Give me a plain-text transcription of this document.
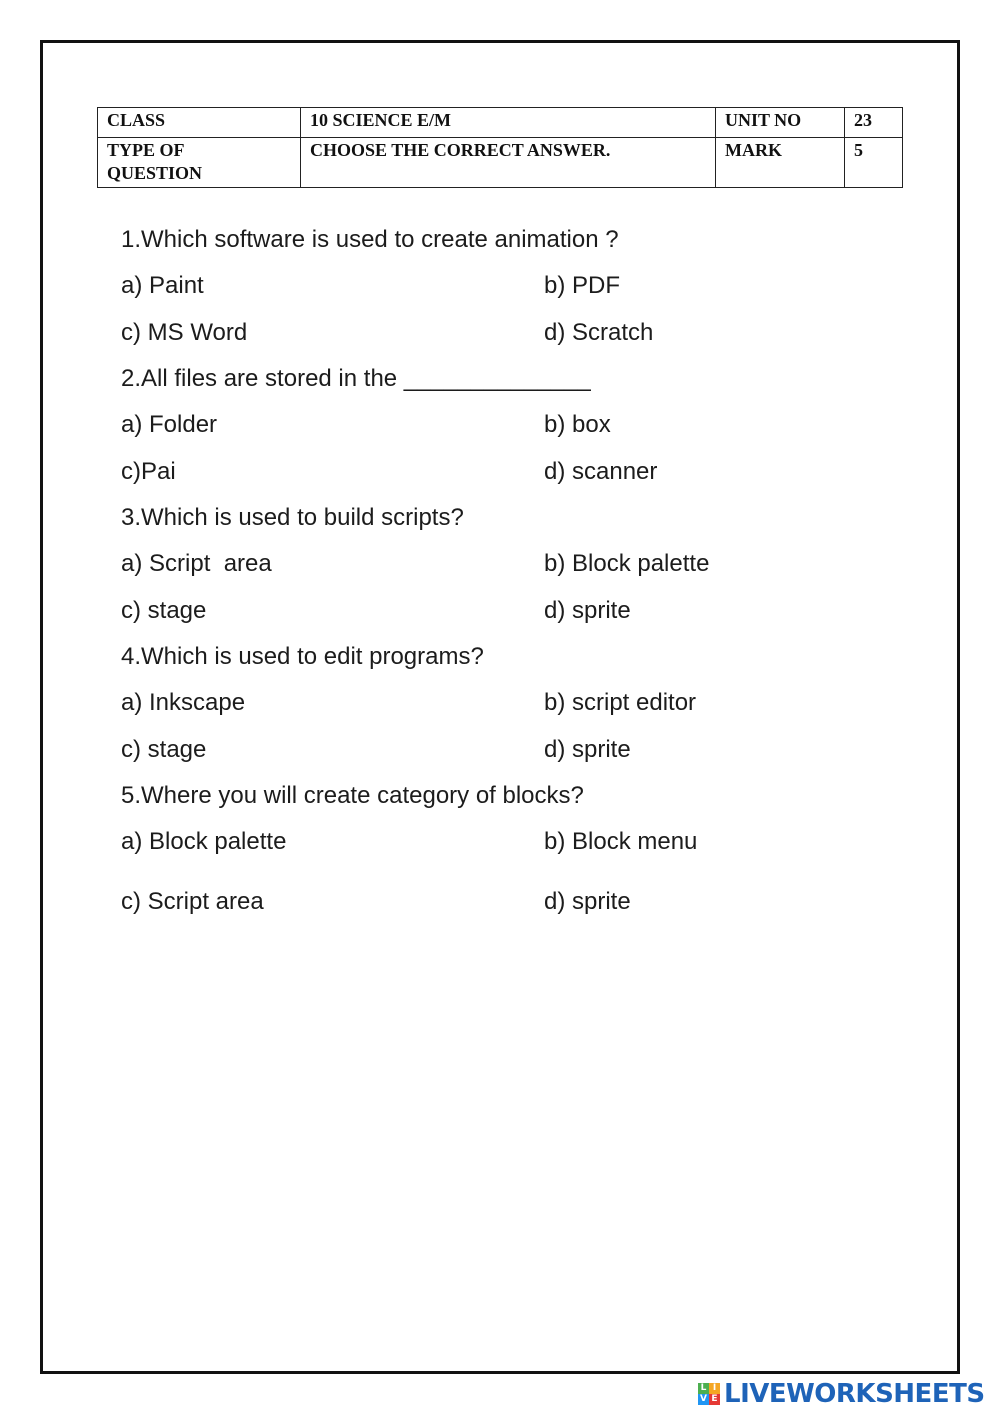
CLASS	10 SCIENCE E/M	UNIT NO	23
TYPE OF
QUESTION	CHOOSE THE CORRECT ANSWER.	MARK	5
1.Which software is used to create animation ?
a) Paint	b) PDF
c) MS Word	d) Scratch
2.All files are stored in the ______________
a) Folder	b) box
c)Pai	d) scanner
3.Which is used to build scripts?
a) Script  area	b) Block palette
c) stage	d) sprite
4.Which is used to edit programs?
a) Inkscape	b) script editor
c) stage	d) sprite
5.Where you will create category of blocks?
a) Block palette	b) Block menu
c) Script area	d) sprite
L I
V E LIVEWORKSHEETS
